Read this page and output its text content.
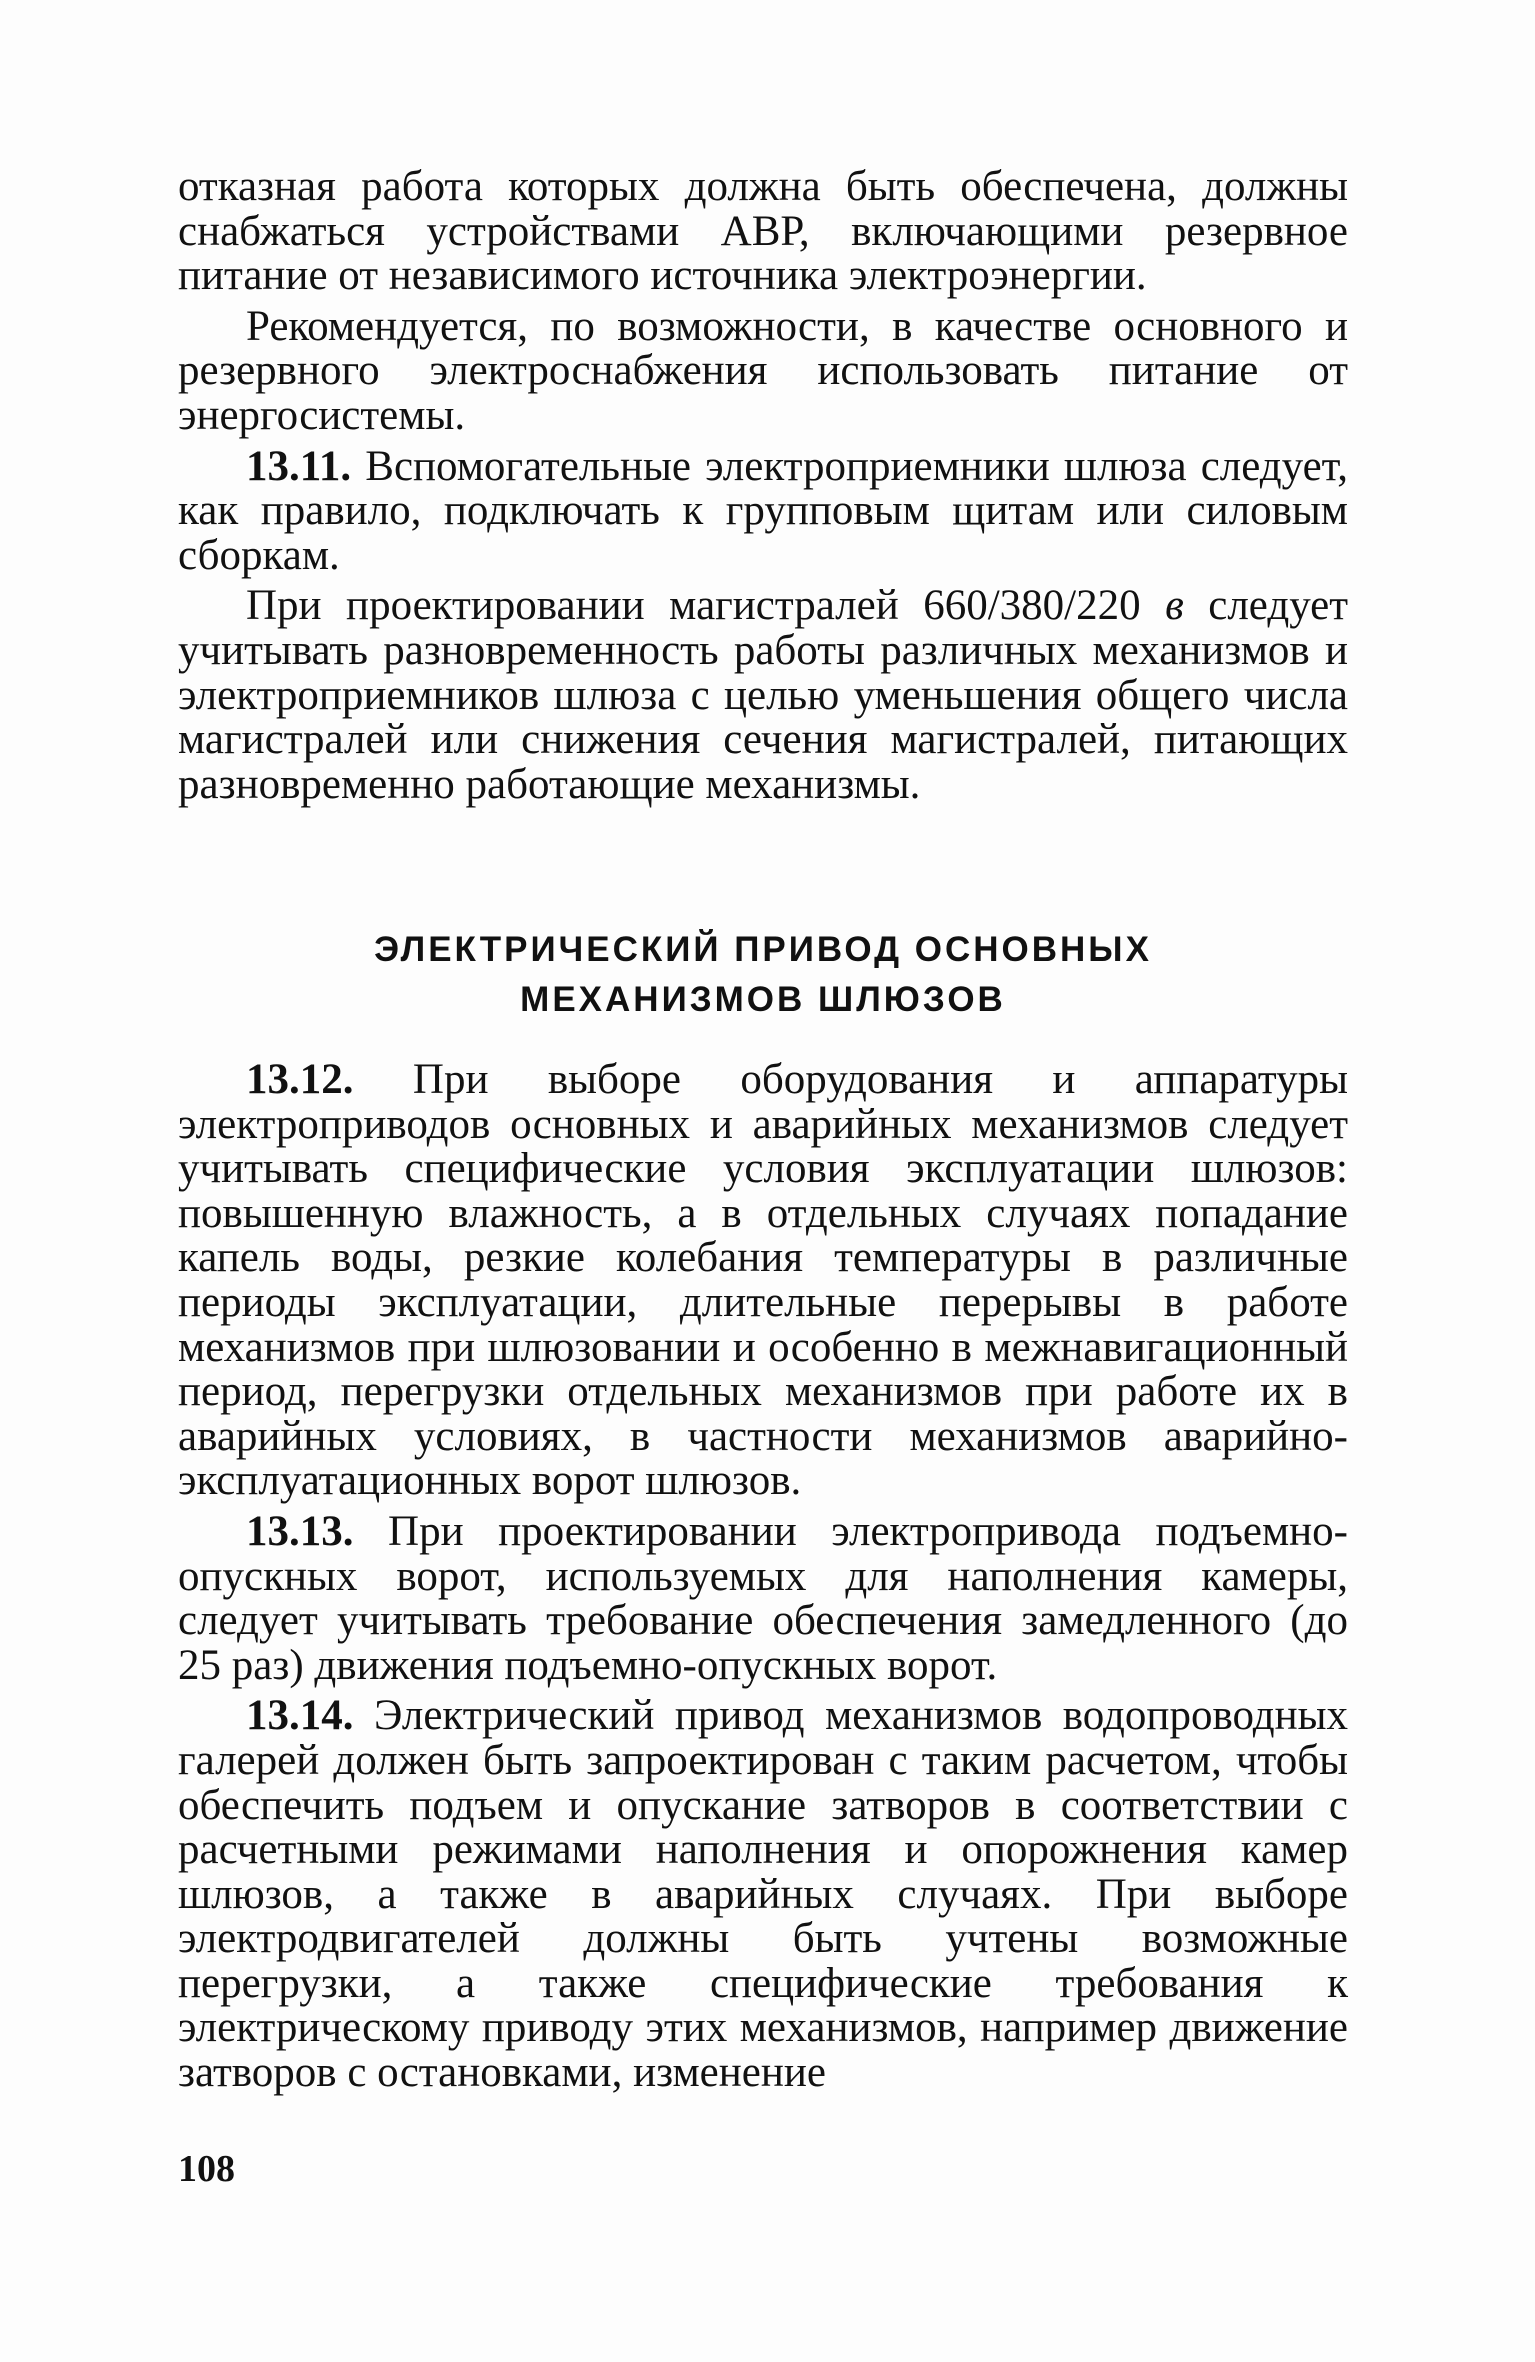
отказная работа которых должна быть обеспечена, должны снабжаться устройствами АВР, включающими резервное питание от независимого источника электроэнергии.

Рекомендуется, по возможности, в качестве основного и резервного электроснабжения использовать питание от энергосистемы.

13.11. Вспомогательные электроприемники шлюза следует, как правило, подключать к групповым щитам или силовым сборкам.

При проектировании магистралей 660/380/220 в следует учитывать разновременность работы различных механизмов и электроприемников шлюза с целью уменьшения общего числа магистралей или снижения сечения магистралей, питающих разновременно работающие механизмы.

ЭЛЕКТРИЧЕСКИЙ ПРИВОД ОСНОВНЫХ

МЕХАНИЗМОВ ШЛЮЗОВ

13.12. При выборе оборудования и аппаратуры электроприводов основных и аварийных механизмов следует учитывать специфические условия эксплуатации шлюзов: повышенную влажность, а в отдельных случаях попадание капель воды, резкие колебания температуры в различные периоды эксплуатации, длительные перерывы в работе механизмов при шлюзовании и особенно в межнавигационный период, перегрузки отдельных механизмов при работе их в аварийных условиях, в частности механизмов аварийно-эксплуатационных ворот шлюзов.

13.13. При проектировании электропривода подъемно-опускных ворот, используемых для наполнения камеры, следует учитывать требование обеспечения замедленного (до 25 раз) движения подъемно-опускных ворот.

13.14. Электрический привод механизмов водопроводных галерей должен быть запроектирован с таким расчетом, чтобы обеспечить подъем и опускание затворов в соответствии с расчетными режимами наполнения и опорожнения камер шлюзов, а также в аварийных случаях. При выборе электродвигателей должны быть учтены возможные перегрузки, а также специфические требования к электрическому приводу этих механизмов, например движение затворов с остановками, изменение

108
